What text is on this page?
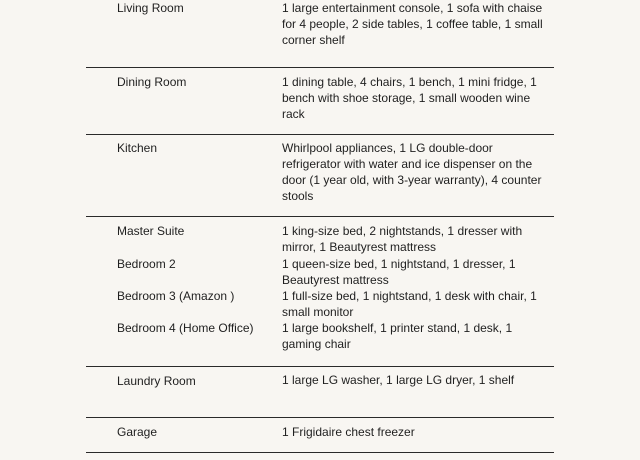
Living Room	1 large entertainment console, 1 sofa with chaise for 4 people, 2 side tables, 1 coffee table, 1 small corner shelf
Dining Room	1 dining table, 4 chairs, 1 bench, 1 mini fridge, 1 bench with shoe storage, 1 small wooden wine rack
Kitchen	Whirlpool appliances, 1 LG double-door refrigerator with water and ice dispenser on the door (1 year old, with 3-year warranty), 4 counter stools
Master Suite	1 king-size bed, 2 nightstands, 1 dresser with mirror, 1 Beautyrest mattress
Bedroom 2	1 queen-size bed, 1 nightstand, 1 dresser, 1 Beautyrest mattress
Bedroom 3 (Amazon )	1 full-size bed, 1 nightstand, 1 desk with chair, 1 small monitor
Bedroom 4 (Home Office)	1 large bookshelf, 1 printer stand, 1 desk, 1 gaming chair
Laundry Room	1 large LG washer, 1 large LG dryer, 1 shelf
Garage	1 Frigidaire chest freezer
